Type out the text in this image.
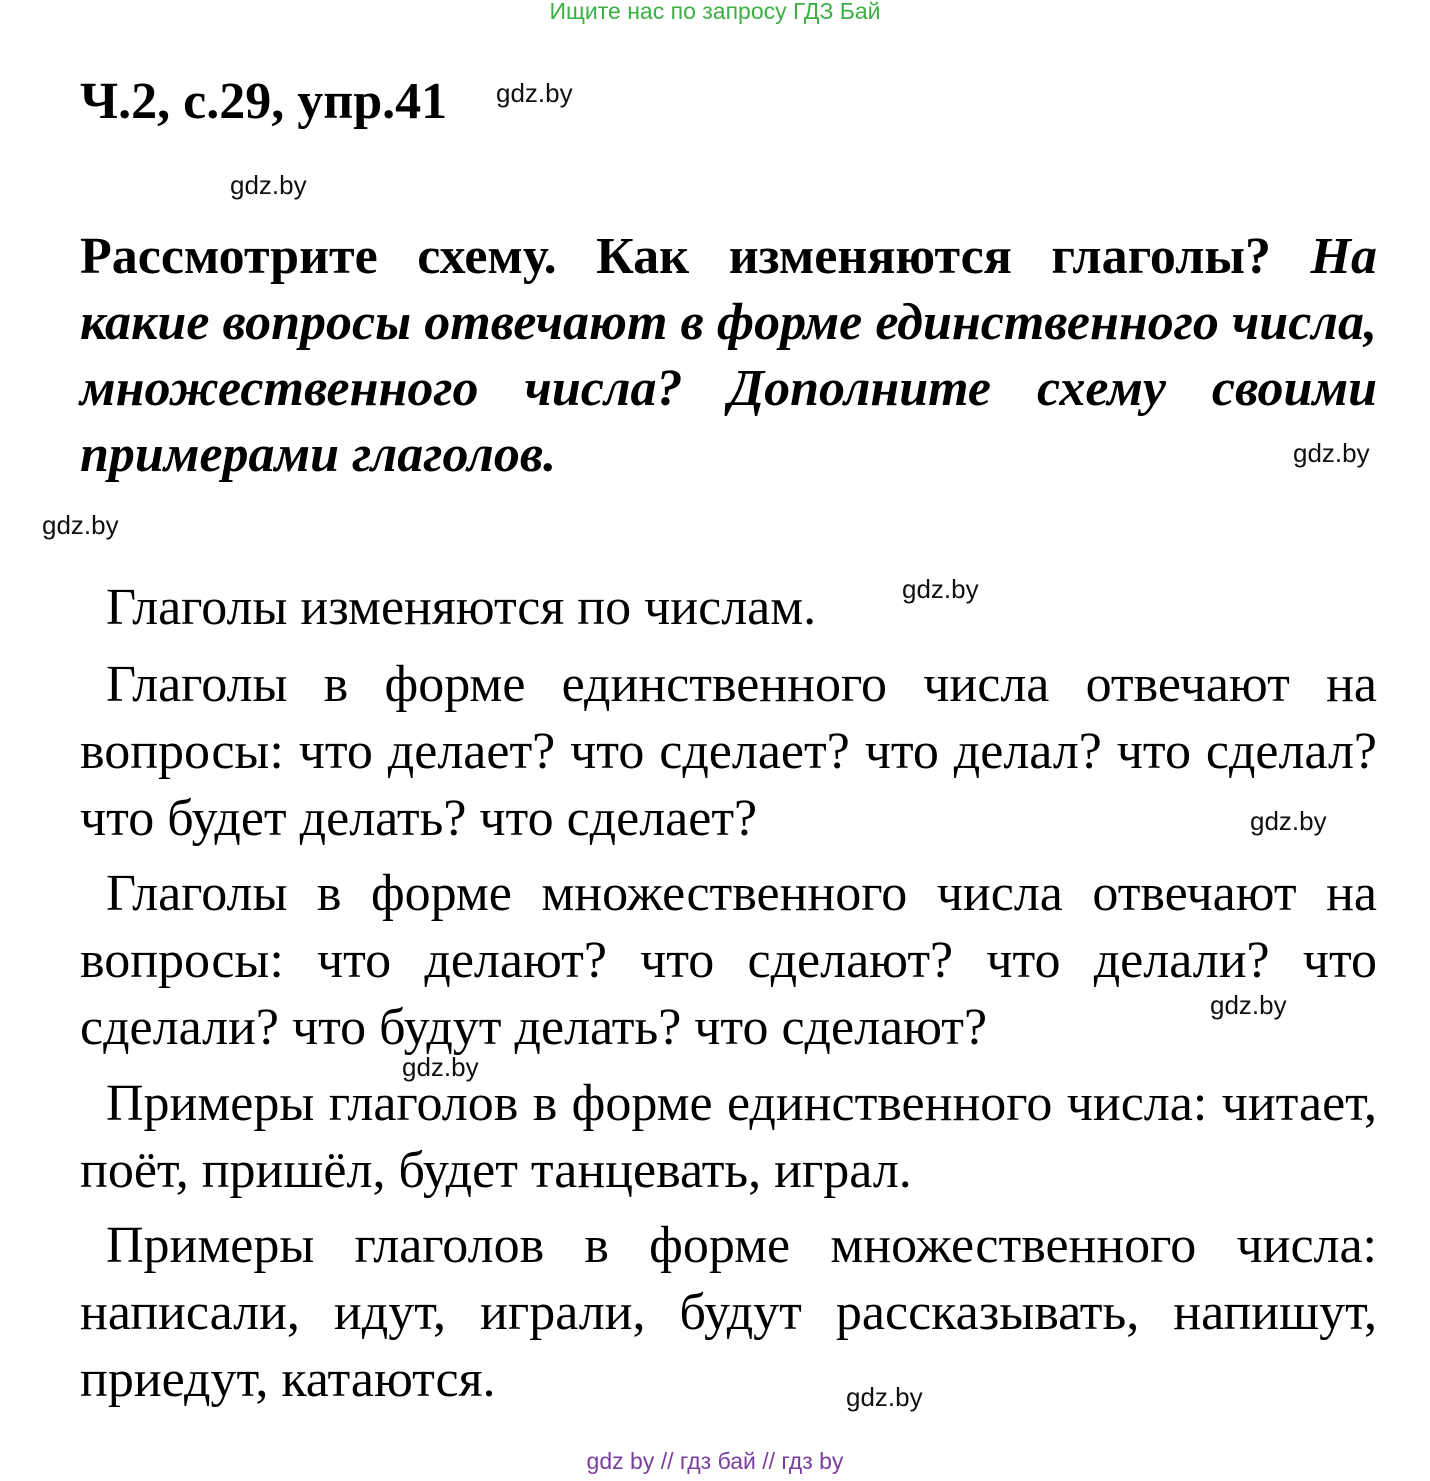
Ищите нас по запросу ГДЗ Бай
Ч.2, с.29, упр.41 gdz.by
gdz.by
Рассмотрите схему. Как изменяются глаголы? На какие вопросы отвечают в форме единственного числа, множественного числа? Дополните схему своими примерами глаголов.	gdz.by
gdz.by
Глаголы изменяются по числам.	gdz.by
Глаголы в форме единственного числа отвечают на вопросы: что делает? что сделает? что делал? что сделал? что будет делать? что сделает?	gdz.by
Глаголы в форме множественного числа отвечают на вопросы: что делают? что сделают? что делали? что сделали? что будут делать? что сделают?	gdz.by
gdz.by
Примеры глаголов в форме единственного числа: читает, поёт, пришёл, будет танцевать, играл.
Примеры глаголов в форме множественного числа: написали, идут, играли, будут рассказывать, напишут, приедут, катаются.	gdz.by
gdz by // гдз бай // гдз by
